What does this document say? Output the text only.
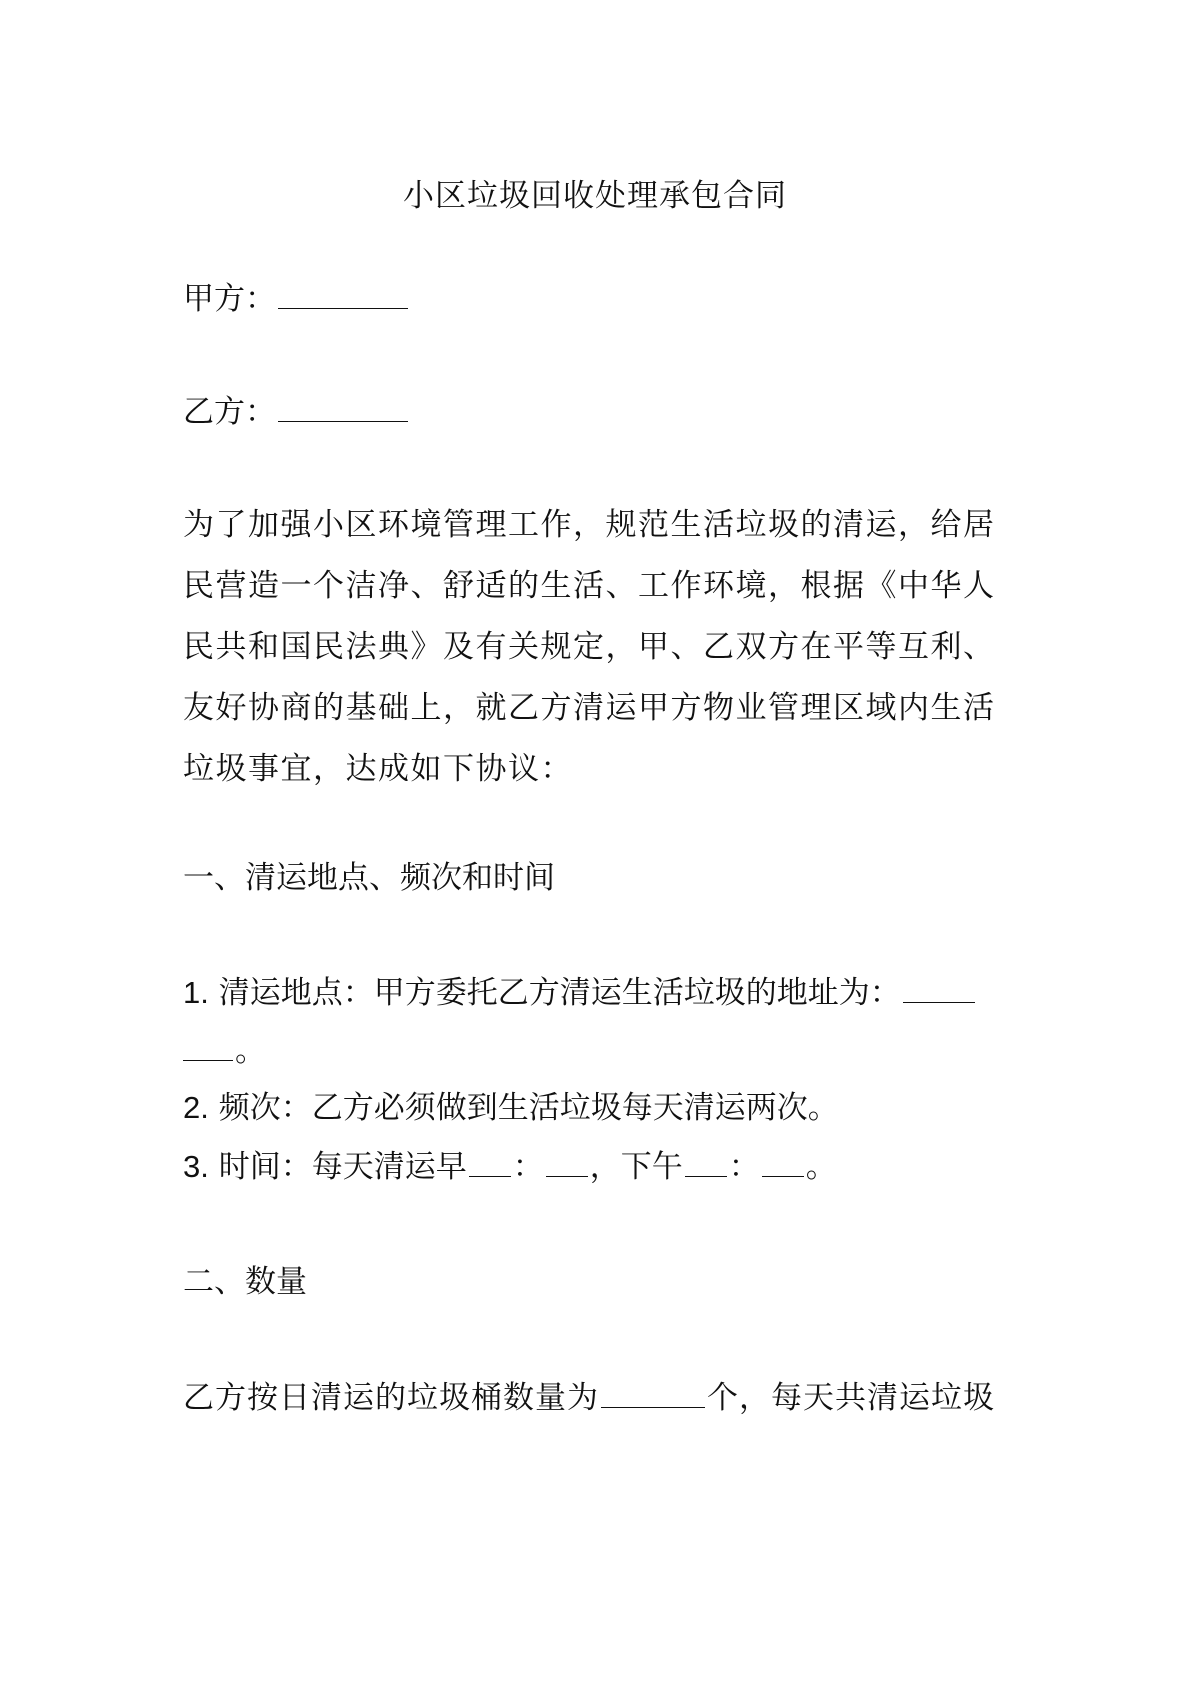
小区垃圾回收处理承包合同
甲方：
乙方：
为了加强小区环境管理工作，规范生活垃圾的清运，给居
民营造一个洁净、舒适的生活、工作环境，根据《中华人
民共和国民法典》及有关规定，甲、乙双方在平等互利、
友好协商的基础上，就乙方清运甲方物业管理区域内生活
垃圾事宜，达成如下协议：
一、清运地点、频次和时间
1. 清运地点：甲方委托乙方清运生活垃圾的地址为：
。
2. 频次：乙方必须做到生活垃圾每天清运两次。
3. 时间：每天清运早 ： ，下午 ： 。
二、数量
乙方按日清运的垃圾桶数量为	个，每天共清运垃圾
